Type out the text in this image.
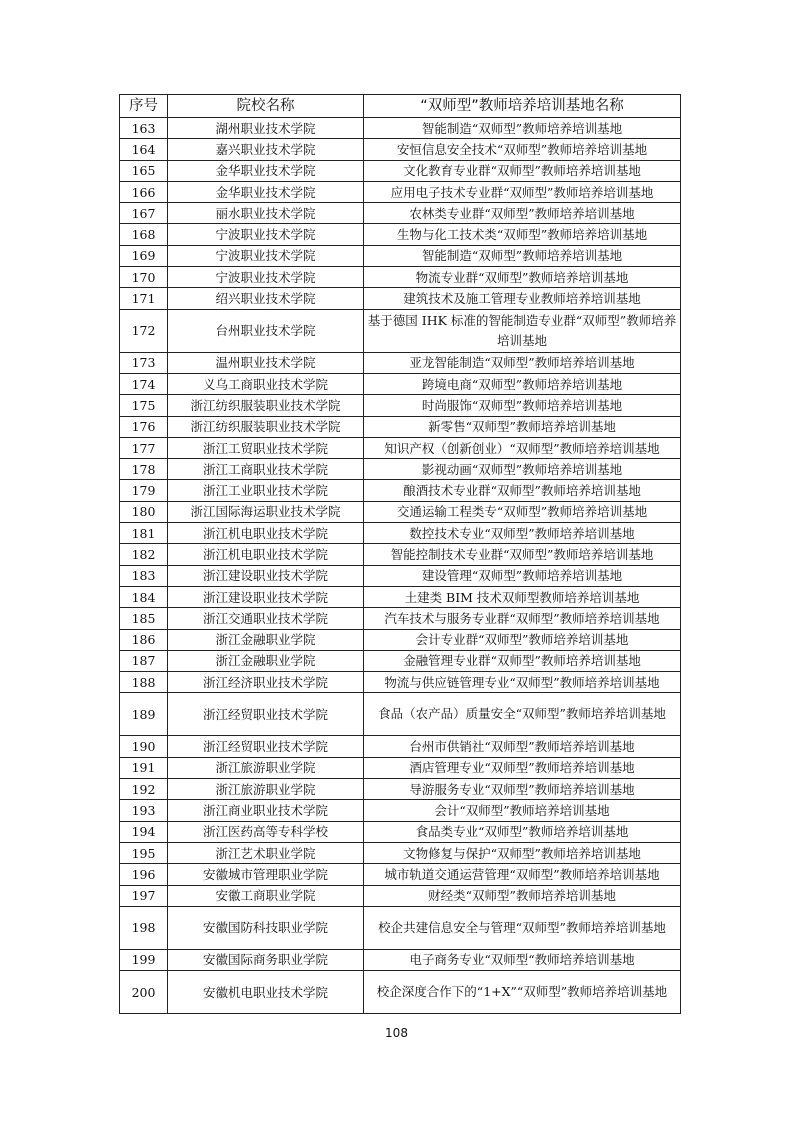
序号	院校名称	“双师型”教师培养培训基地名称
163	湖州职业技术学院	智能制造“双师型”教师培养培训基地
164	嘉兴职业技术学院	安恒信息安全技术“双师型”教师培养培训基地
165	金华职业技术学院	文化教育专业群“双师型”教师培养培训基地
166	金华职业技术学院	应用电子技术专业群“双师型”教师培养培训基地
167	丽水职业技术学院	农林类专业群“双师型”教师培养培训基地
168	宁波职业技术学院	生物与化工技术类“双师型”教师培养培训基地
169	宁波职业技术学院	智能制造“双师型”教师培养培训基地
170	宁波职业技术学院	物流专业群“双师型”教师培养培训基地
171	绍兴职业技术学院	建筑技术及施工管理专业教师培养培训基地
172	台州职业技术学院	基于德国 IHK 标准的智能制造专业群“双师型”教师培养培训基地
173	温州职业技术学院	亚龙智能制造“双师型”教师培养培训基地
174	义乌工商职业技术学院	跨境电商“双师型”教师培养培训基地
175	浙江纺织服装职业技术学院	时尚服饰“双师型”教师培养培训基地
176	浙江纺织服装职业技术学院	新零售“双师型”教师培养培训基地
177	浙江工贸职业技术学院	知识产权（创新创业）“双师型”教师培养培训基地
178	浙江工商职业技术学院	影视动画“双师型”教师培养培训基地
179	浙江工业职业技术学院	酿酒技术专业群“双师型”教师培养培训基地
180	浙江国际海运职业技术学院	交通运输工程类专“双师型”教师培养培训基地
181	浙江机电职业技术学院	数控技术专业“双师型”教师培养培训基地
182	浙江机电职业技术学院	智能控制技术专业群“双师型”教师培养培训基地
183	浙江建设职业技术学院	建设管理“双师型”教师培养培训基地
184	浙江建设职业技术学院	土建类 BIM 技术双师型教师培养培训基地
185	浙江交通职业技术学院	汽车技术与服务专业群“双师型”教师培养培训基地
186	浙江金融职业学院	会计专业群“双师型”教师培养培训基地
187	浙江金融职业学院	金融管理专业群“双师型”教师培养培训基地
188	浙江经济职业技术学院	物流与供应链管理专业“双师型”教师培养培训基地
189	浙江经贸职业技术学院	食品（农产品）质量安全“双师型”教师培养培训基地
190	浙江经贸职业技术学院	台州市供销社“双师型”教师培养培训基地
191	浙江旅游职业学院	酒店管理专业“双师型”教师培养培训基地
192	浙江旅游职业学院	导游服务专业“双师型”教师培养培训基地
193	浙江商业职业技术学院	会计“双师型”教师培养培训基地
194	浙江医药高等专科学校	食品类专业“双师型”教师培养培训基地
195	浙江艺术职业学院	文物修复与保护“双师型”教师培养培训基地
196	安徽城市管理职业学院	城市轨道交通运营管理“双师型”教师培养培训基地
197	安徽工商职业学院	财经类“双师型”教师培养培训基地
198	安徽国防科技职业学院	校企共建信息安全与管理“双师型”教师培养培训基地
199	安徽国际商务职业学院	电子商务专业“双师型“教师培养培训基地
200	安徽机电职业技术学院	校企深度合作下的“1+X”“双师型”教师培养培训基地
108
